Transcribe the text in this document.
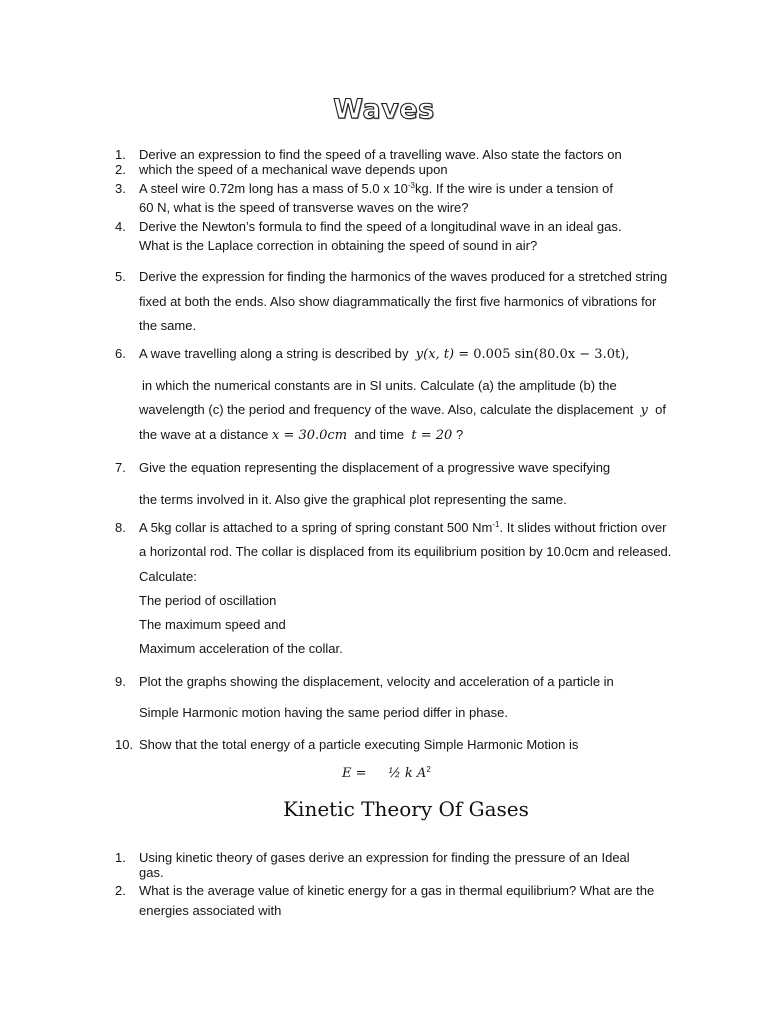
Waves
1. Derive an expression to find the speed of a travelling wave. Also state the factors on
2. which the speed of a mechanical wave depends upon
3. A steel wire 0.72m long has a mass of 5.0 x $10^{-3}kg$. If the wire is under a tension of
60 N, what is the speed of transverse waves on the wire?
4. Derive the Newton’s formula to find the speed of a longitudinal wave in an ideal gas.
What is the Laplace correction in obtaining the speed of sound in air?
5. Derive the expression for finding the harmonics of the waves produced for a stretched string
fixed at both the ends. Also show diagrammatically the first five harmonics of vibrations for
the same.
6. A wave travelling along a string is described by y(x, t) = 0.005 sin(80.0x − 3.0t),
in which the numerical constants are in SI units. Calculate (a) the amplitude (b) the
wavelength (c) the period and frequency of the wave. Also, calculate the displacement y of
the wave at a distance x = 30.0cm and time t = 20 ?
7. Give the equation representing the displacement of a progressive wave specifying
the terms involved in it. Also give the graphical plot representing the same.
8. A 5kg collar is attached to a spring of spring constant 500 $Nm^{-1}$. It slides without friction over
a horizontal rod. The collar is displaced from its equilibrium position by 10.0cm and released.
Calculate:
The period of oscillation
The maximum speed and
Maximum acceleration of the collar.
9. Plot the graphs showing the displacement, velocity and acceleration of a particle in
Simple Harmonic motion having the same period differ in phase.
10. Show that the total energy of a particle executing Simple Harmonic Motion is
E = ½ k $A^2$
Kinetic Theory Of Gases
1. Using kinetic theory of gases derive an expression for finding the pressure of an Ideal
gas.
2. What is the average value of kinetic energy for a gas in thermal equilibrium? What are the
energies associated with
